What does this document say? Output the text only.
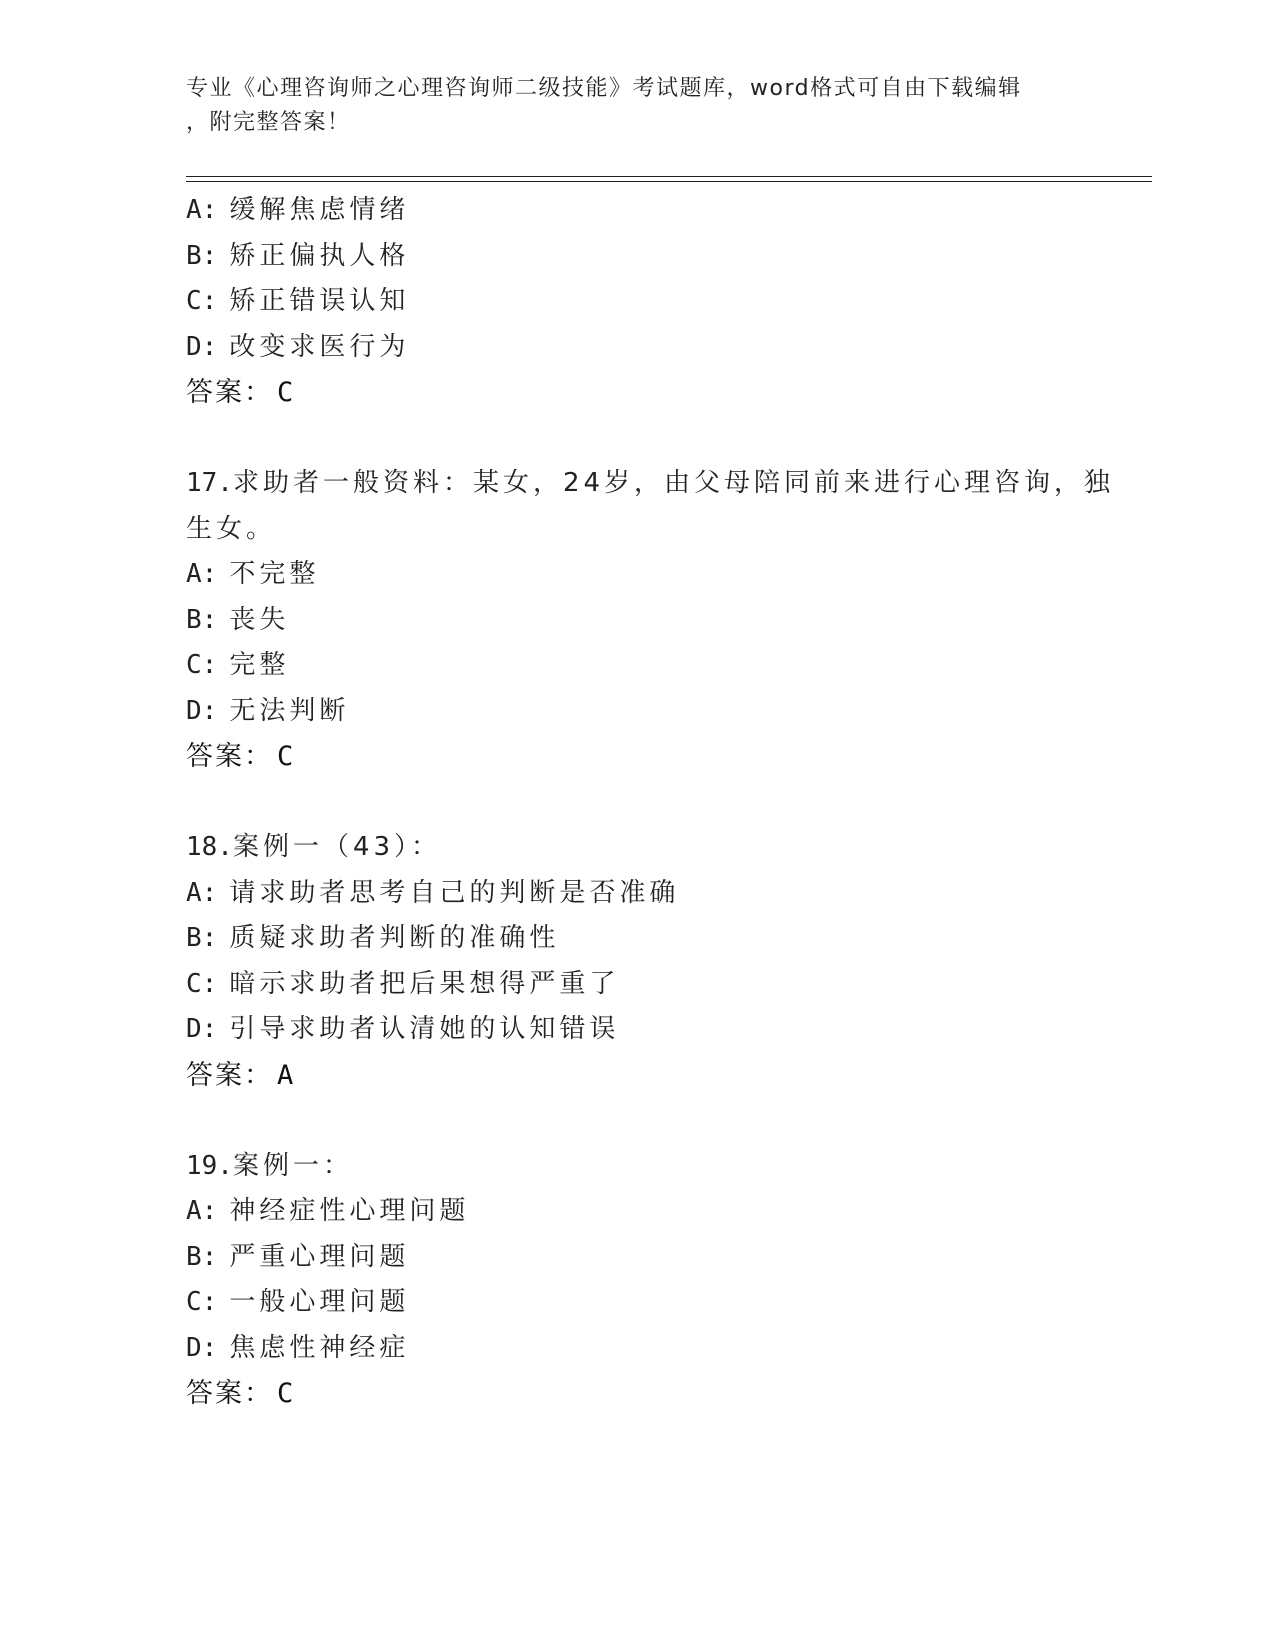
专业《心理咨询师之心理咨询师二级技能》考试题库，word格式可自由下载编辑
，附完整答案！
A: 缓解焦虑情绪
B: 矫正偏执人格
C: 矫正错误认知
D: 改变求医行为
答案： C
17.求助者一般资料：某女，24岁，由父母陪同前来进行心理咨询，独
生女。
A: 不完整
B: 丧失
C: 完整
D: 无法判断
答案： C
18.案例一（43）：
A: 请求助者思考自己的判断是否准确
B: 质疑求助者判断的准确性
C: 暗示求助者把后果想得严重了
D: 引导求助者认清她的认知错误
答案： A
19.案例一：
A: 神经症性心理问题
B: 严重心理问题
C: 一般心理问题
D: 焦虑性神经症
答案： C
